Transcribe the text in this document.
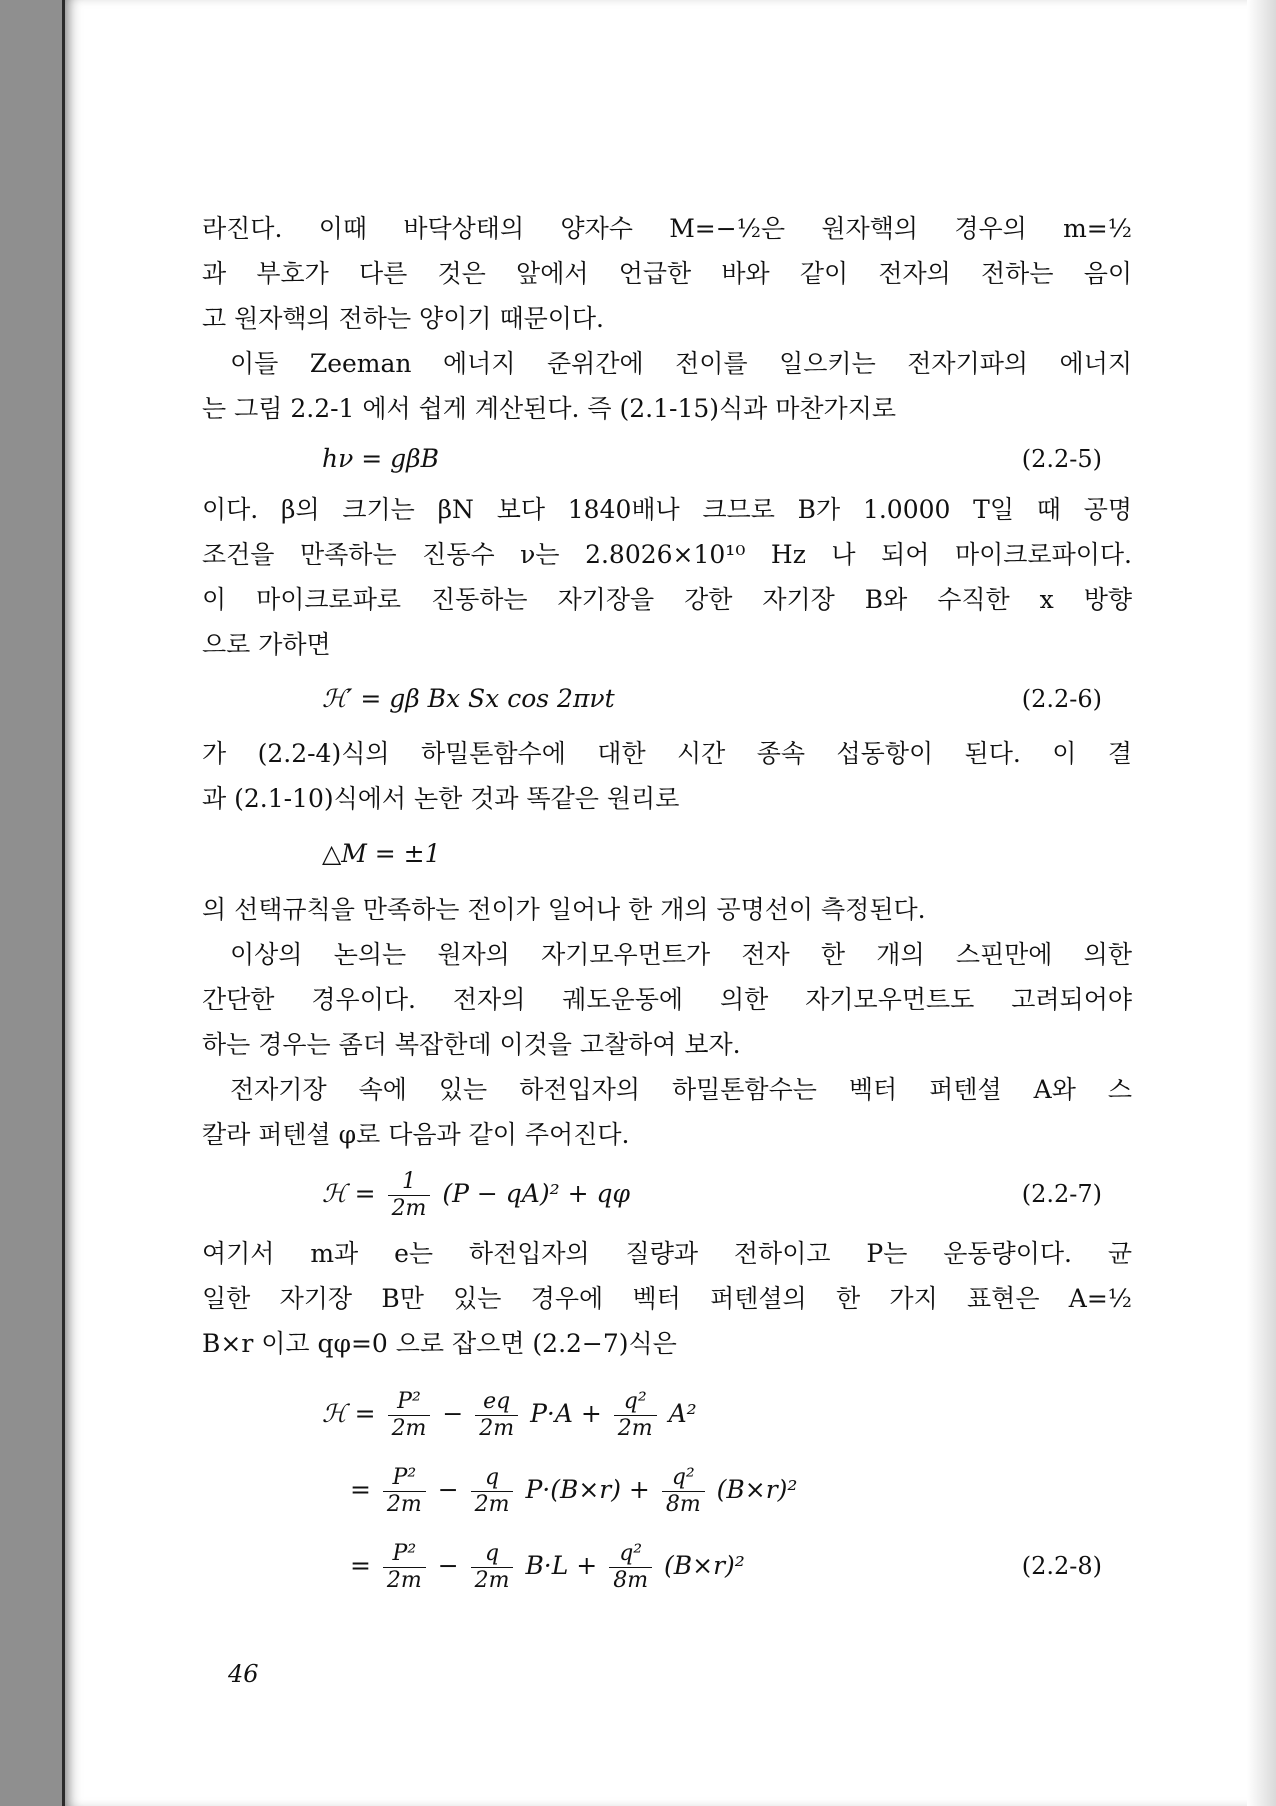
라진다. 이때 바닥상태의 양자수 M=−½은 원자핵의 경우의 m=½
과 부호가 다른 것은 앞에서 언급한 바와 같이 전자의 전하는 음이
고 원자핵의 전하는 양이기 때문이다.
이들 Zeeman 에너지 준위간에 전이를 일으키는 전자기파의 에너지
는 그림 2.2-1 에서 쉽게 계산된다. 즉 (2.1-15)식과 마찬가지로
hν = gβB	(2.2-5)
이다. β의 크기는 βN 보다 1840배나 크므로 B가 1.0000 T일 때 공명
조건을 만족하는 진동수 ν는 2.8026×10¹⁰ Hz 나 되어 마이크로파이다.
이 마이크로파로 진동하는 자기장을 강한 자기장 B와 수직한 x 방향
으로 가하면
ℋ′ = gβ Bx Sx cos 2πνt	(2.2-6)
가 (2.2-4)식의 하밀톤함수에 대한 시간 종속 섭동항이 된다. 이 결
과 (2.1-10)식에서 논한 것과 똑같은 원리로
△M = ±1
의 선택규칙을 만족하는 전이가 일어나 한 개의 공명선이 측정된다.
이상의 논의는 원자의 자기모우먼트가 전자 한 개의 스핀만에 의한
간단한 경우이다. 전자의 궤도운동에 의한 자기모우먼트도 고려되어야
하는 경우는 좀더 복잡한데 이것을 고찰하여 보자.
전자기장 속에 있는 하전입자의 하밀톤함수는 벡터 퍼텐셜 A와 스
칼라 퍼텐셜 φ로 다음과 같이 주어진다.
ℋ = $\frac{1}{2m} (P - qA)^2 + q\varphi$	(2.2-7)
여기서 m과 e는 하전입자의 질량과 전하이고 P는 운동량이다. 균
일한 자기장 B만 있는 경우에 벡터 퍼텐셜의 한 가지 표현은 A=½
B×r 이고 qφ=0 으로 잡으면 (2.2−7)식은
ℋ = $\frac{\text{P²}}{2m} - \frac{eq}{2m} P\cdot A + \frac{\text{q²}}{2m} A^2$
= $\frac{\text{P²}}{2m} - \frac{q}{2m} P\cdot(B\times r) + \frac{\text{q²}}{8m} (B\times r)^2$
= $\frac{\text{P²}}{2m} - \frac{q}{2m} B\cdot L + \frac{\text{q²}}{8m} (B\times r)^2$	(2.2-8)
46
